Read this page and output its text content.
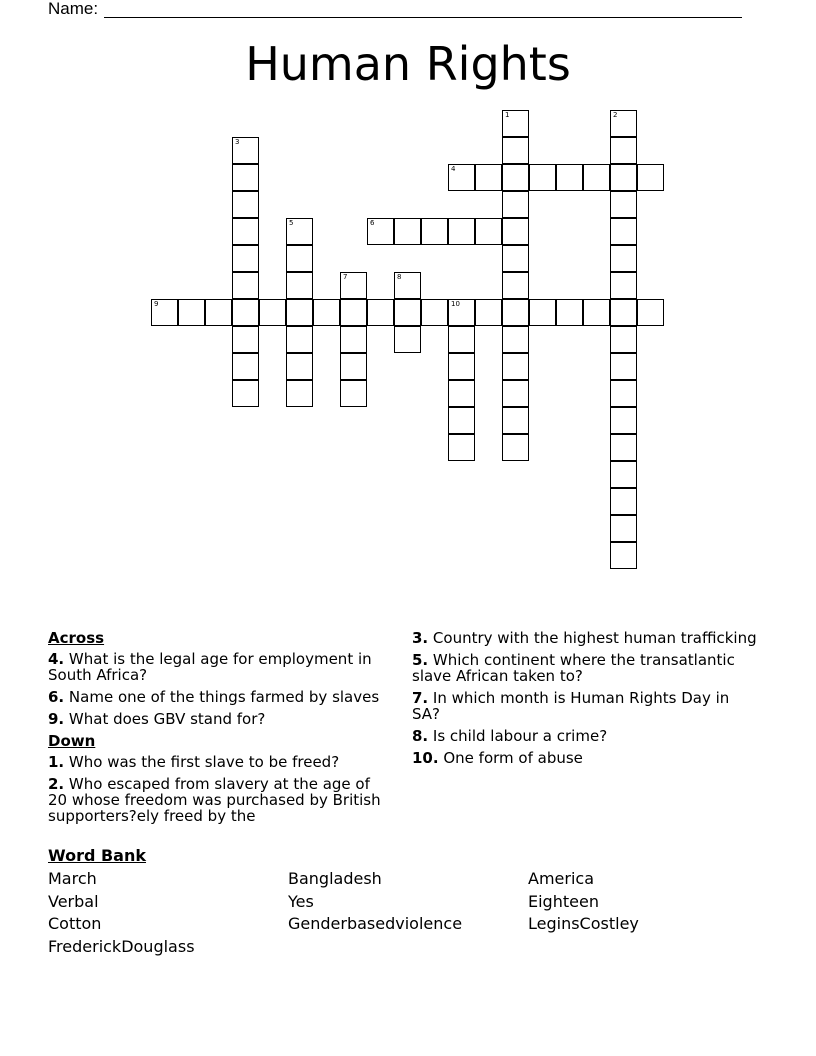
Name:
Human Rights
1	2
3
4
5	6
7	8
9	10
Across
4. What is the legal age for employment in South Africa?
6. Name one of the things farmed by slaves
9. What does GBV stand for?
Down
1. Who was the first slave to be freed?
2. Who escaped from slavery at the age of 20 whose freedom was purchased by British supporters?ely freed by the
3. Country with the highest human trafficking
5. Which continent where the transatlantic slave African taken to?
7. In which month is Human Rights Day in SA?
8. Is child labour a crime?
10. One form of abuse
Word Bank
March	Bangladesh	America
Verbal	Yes	Eighteen
Cotton	Genderbasedviolence	LeginsCostley
FrederickDouglass
